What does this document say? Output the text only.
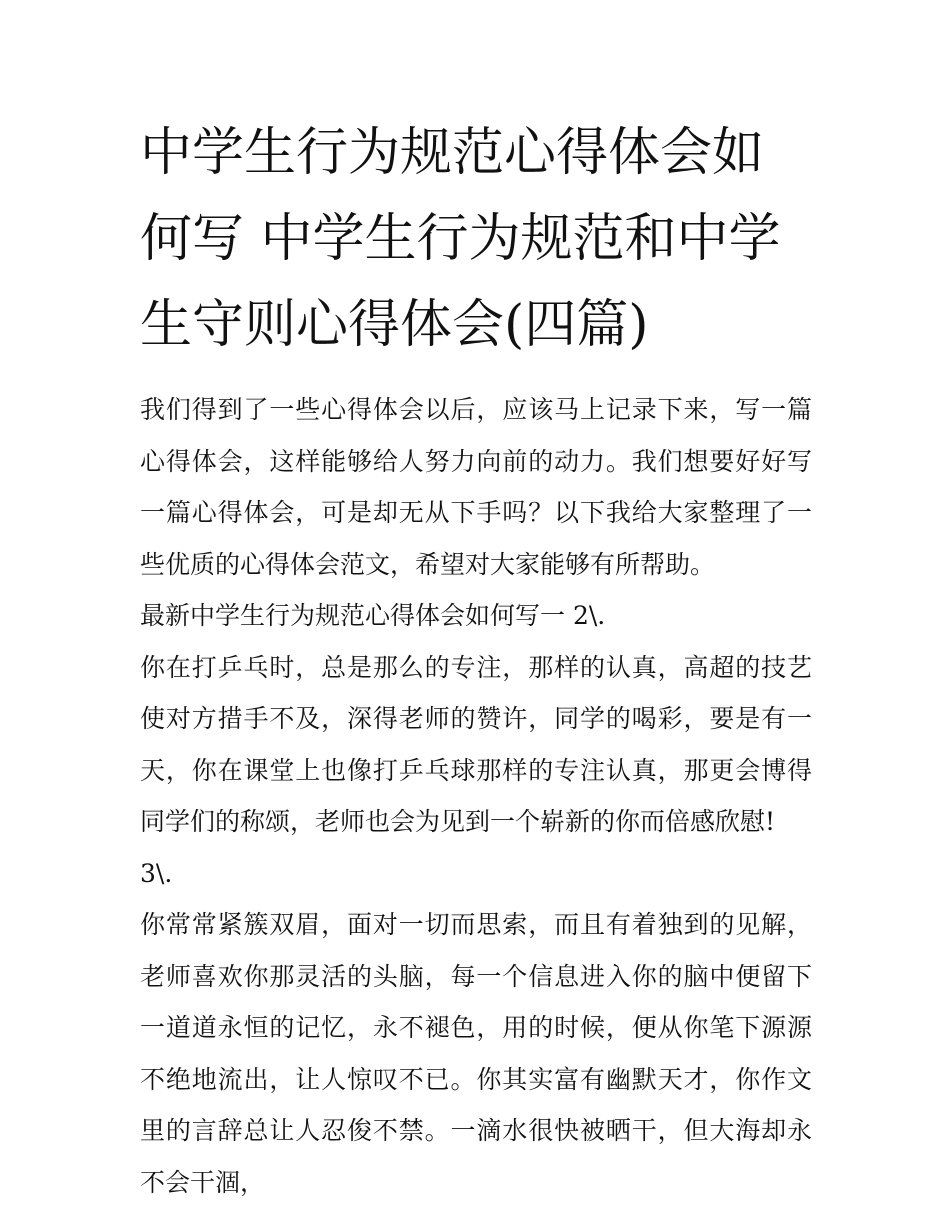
中学生行为规范心得体会如何写 中学生行为规范和中学生守则心得体会(四篇)

我们得到了一些心得体会以后，应该马上记录下来，写一篇心得体会，这样能够给人努力向前的动力。我们想要好好写一篇心得体会，可是却无从下手吗？以下我给大家整理了一些优质的心得体会范文，希望对大家能够有所帮助。

最新中学生行为规范心得体会如何写一 2\.

你在打乒乓时，总是那么的专注，那样的认真，高超的技艺使对方措手不及，深得老师的赞许，同学的喝彩，要是有一天，你在课堂上也像打乒乓球那样的专注认真，那更会博得同学们的称颂，老师也会为见到一个崭新的你而倍感欣慰!

3\.

你常常紧簇双眉，面对一切而思索，而且有着独到的见解，老师喜欢你那灵活的头脑，每一个信息进入你的脑中便留下一道道永恒的记忆，永不褪色，用的时候，便从你笔下源源不绝地流出，让人惊叹不已。你其实富有幽默天才，你作文里的言辞总让人忍俊不禁。一滴水很快被晒干，但大海却永不会干涸，
